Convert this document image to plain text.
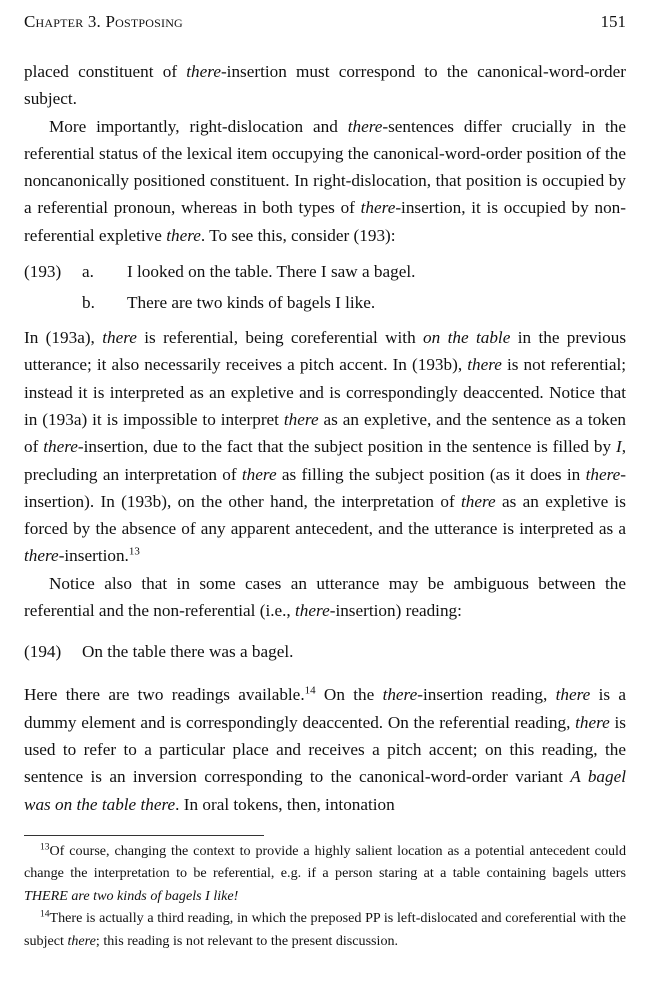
Chapter 3. Postposing	151

placed constituent of there-insertion must correspond to the canonical-word-order subject.

More importantly, right-dislocation and there-sentences differ crucially in the referential status of the lexical item occupying the canonical-word-order position of the noncanonically positioned constituent. In right-dislocation, that position is occupied by a referential pronoun, whereas in both types of there-insertion, it is occupied by non-referential expletive there. To see this, consider (193):

(193)	a.	I looked on the table. There I saw a bagel.
b.	There are two kinds of bagels I like.

In (193a), there is referential, being coreferential with on the table in the previous utterance; it also necessarily receives a pitch accent. In (193b), there is not referential; instead it is interpreted as an expletive and is correspondingly deaccented. Notice that in (193a) it is impossible to interpret there as an expletive, and the sentence as a token of there-insertion, due to the fact that the subject position in the sentence is filled by I, precluding an interpretation of there as filling the subject position (as it does in there-insertion). In (193b), on the other hand, the interpretation of there as an expletive is forced by the absence of any apparent antecedent, and the utterance is interpreted as a there-insertion.$^{13}$

Notice also that in some cases an utterance may be ambiguous between the referential and the non-referential (i.e., there-insertion) reading:

(194)	On the table there was a bagel.

Here there are two readings available.$^{14}$ On the there-insertion reading, there is a dummy element and is correspondingly deaccented. On the referential reading, there is used to refer to a particular place and receives a pitch accent; on this reading, the sentence is an inversion corresponding to the canonical-word-order variant A bagel was on the table there. In oral tokens, then, intonation

$^{13}$Of course, changing the context to provide a highly salient location as a potential antecedent could change the interpretation to be referential, e.g. if a person staring at a table containing bagels utters THERE are two kinds of bagels I like!

$^{14}$There is actually a third reading, in which the preposed PP is left-dislocated and coreferential with the subject there; this reading is not relevant to the present discussion.
